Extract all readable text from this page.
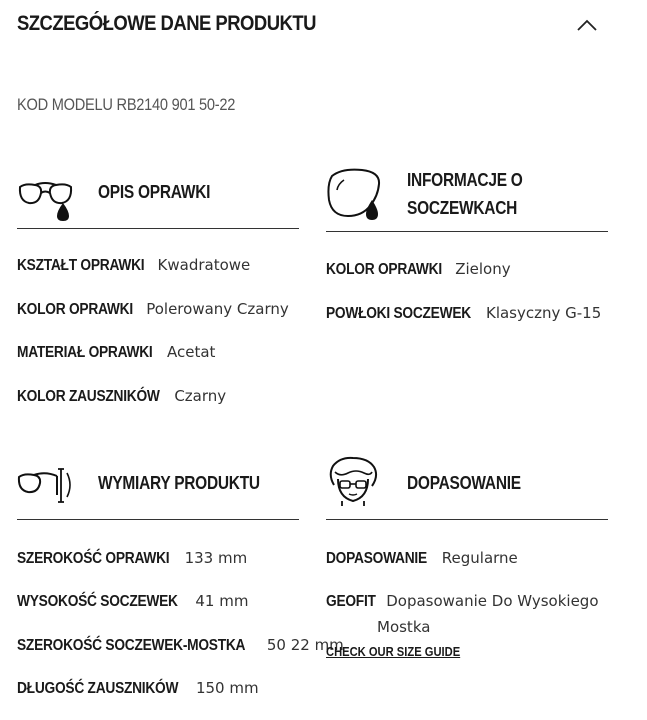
SZCZEGÓŁOWE DANE PRODUKTU
KOD MODELU RB2140 901 50-22
OPIS OPRAWKI
KSZTAŁT OPRAWKI Kwadratowe
KOLOR OPRAWKI Polerowany Czarny
MATERIAŁ OPRAWKI Acetat
KOLOR ZAUSZNIKÓW Czarny
INFORMACJE O
SOCZEWKACH
KOLOR OPRAWKI Zielony
POWŁOKI SOCZEWEK Klasyczny G-15
WYMIARY PRODUKTU
SZEROKOŚĆ OPRAWKI 133 mm
WYSOKOŚĆ SOCZEWEK 41 mm
SZEROKOŚĆ SOCZEWEK-MOSTKA 50 22 mm
DŁUGOŚĆ ZAUSZNIKÓW 150 mm
DOPASOWANIE
DOPASOWANIE Regularne
GEOFIT Dopasowanie Do Wysokiego
Mostka
CHECK OUR SIZE GUIDE
